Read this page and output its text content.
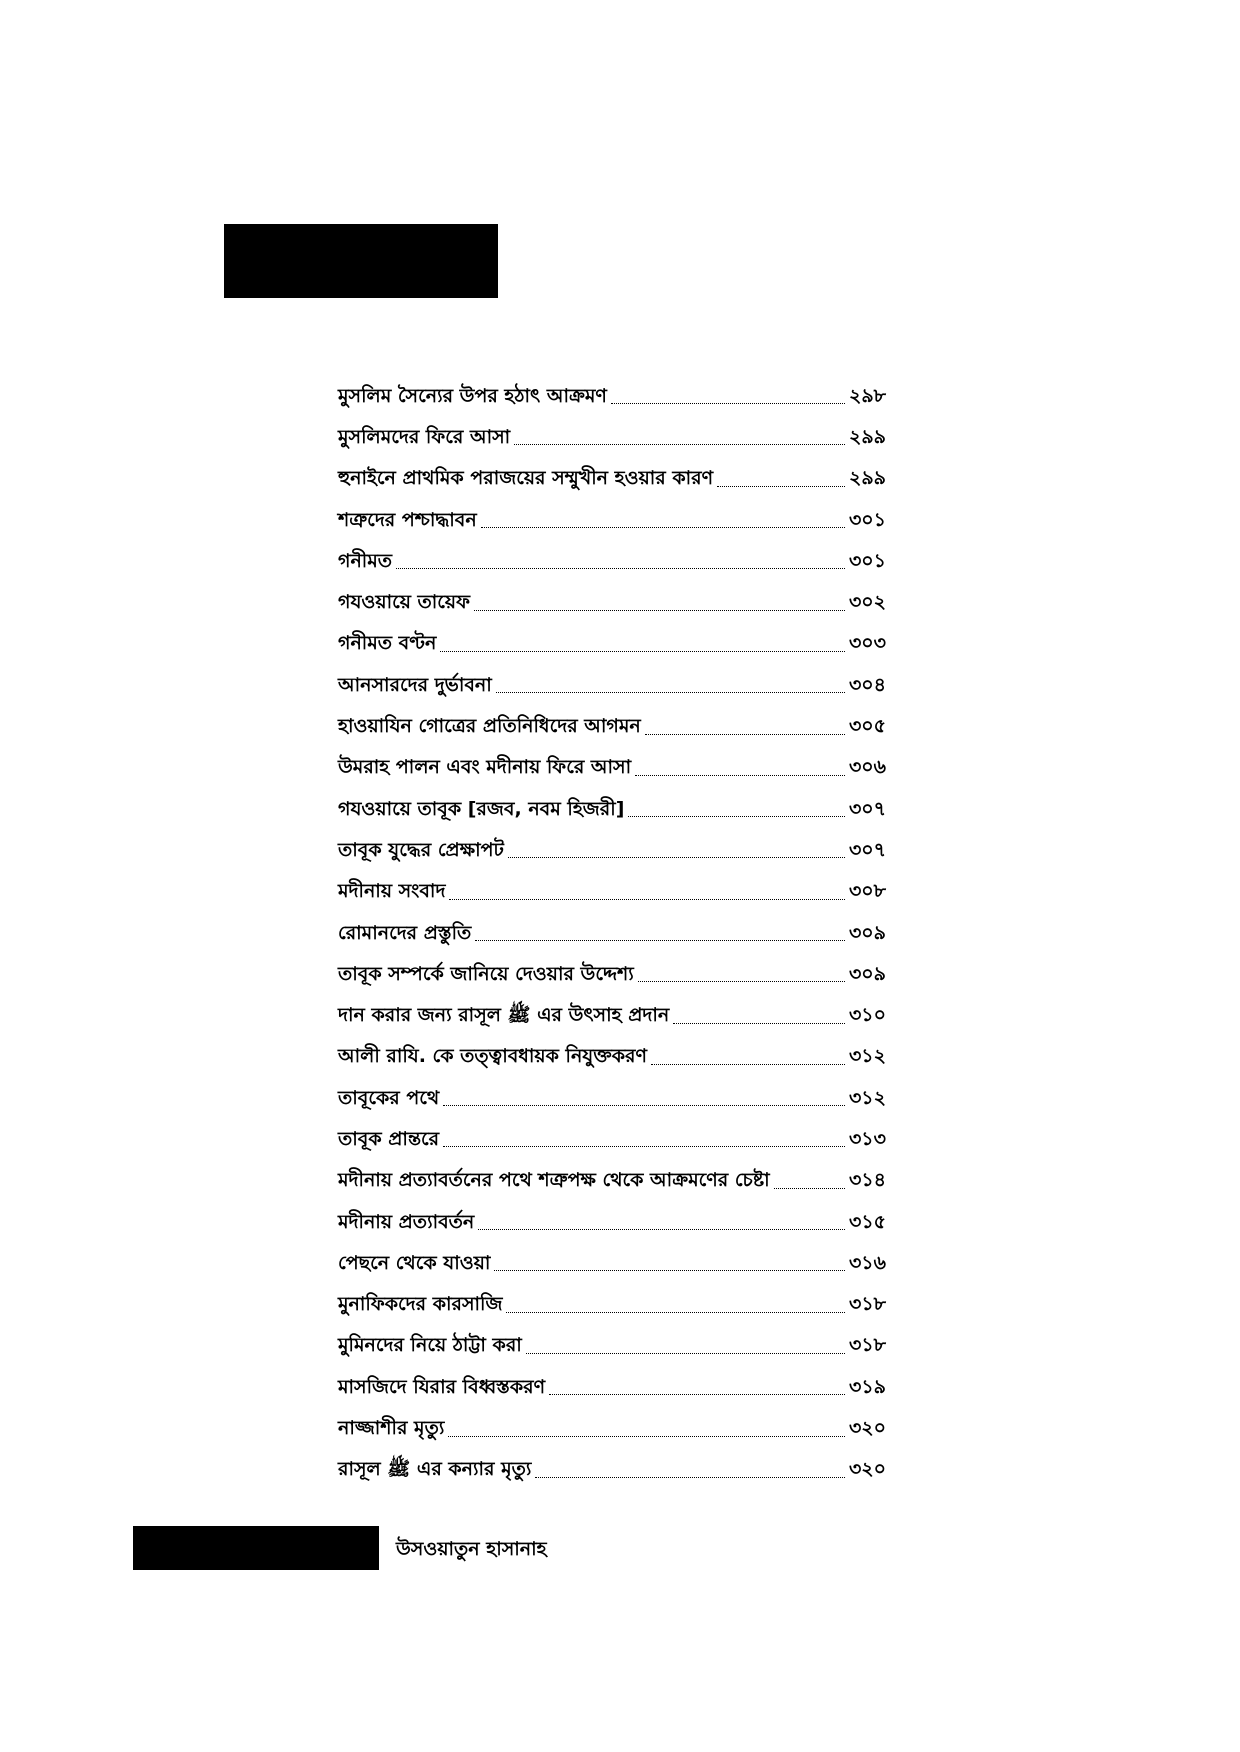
মুসলিম সৈন্যের উপর হঠাৎ আক্রমণ	২৯৮
মুসলিমদের ফিরে আসা	২৯৯
হুনাইনে প্রাথমিক পরাজয়ের সম্মুখীন হওয়ার কারণ	২৯৯
শত্রুদের পশ্চাদ্ধাবন	৩০১
গনীমত	৩০১
গযওয়ায়ে তায়েফ	৩০২
গনীমত বণ্টন	৩০৩
আনসারদের দুর্ভাবনা	৩০৪
হাওয়াযিন গোত্রের প্রতিনিধিদের আগমন	৩০৫
উমরাহ পালন এবং মদীনায় ফিরে আসা	৩০৬
গযওয়ায়ে তাবূক [রজব, নবম হিজরী]	৩০৭
তাবূক যুদ্ধের প্রেক্ষাপট	৩০৭
মদীনায় সংবাদ	৩০৮
রোমানদের প্রস্তুতি	৩০৯
তাবূক সম্পর্কে জানিয়ে দেওয়ার উদ্দেশ্য	৩০৯
দান করার জন্য রাসূল ﷺ এর উৎসাহ প্রদান	৩১০
আলী রাযি. কে তত্ত্বাবধায়ক নিযুক্তকরণ	৩১২
তাবূকের পথে	৩১২
তাবূক প্রান্তরে	৩১৩
মদীনায় প্রত্যাবর্তনের পথে শত্রুপক্ষ থেকে আক্রমণের চেষ্টা	৩১৪
মদীনায় প্রত্যাবর্তন	৩১৫
পেছনে থেকে যাওয়া	৩১৬
মুনাফিকদের কারসাজি	৩১৮
মুমিনদের নিয়ে ঠাট্টা করা	৩১৮
মাসজিদে যিরার বিধ্বস্তকরণ	৩১৯
নাজ্জাশীর মৃত্যু	৩২০
রাসূল ﷺ এর কন্যার মৃত্যু	৩২০
উসওয়াতুন হাসানাহ
